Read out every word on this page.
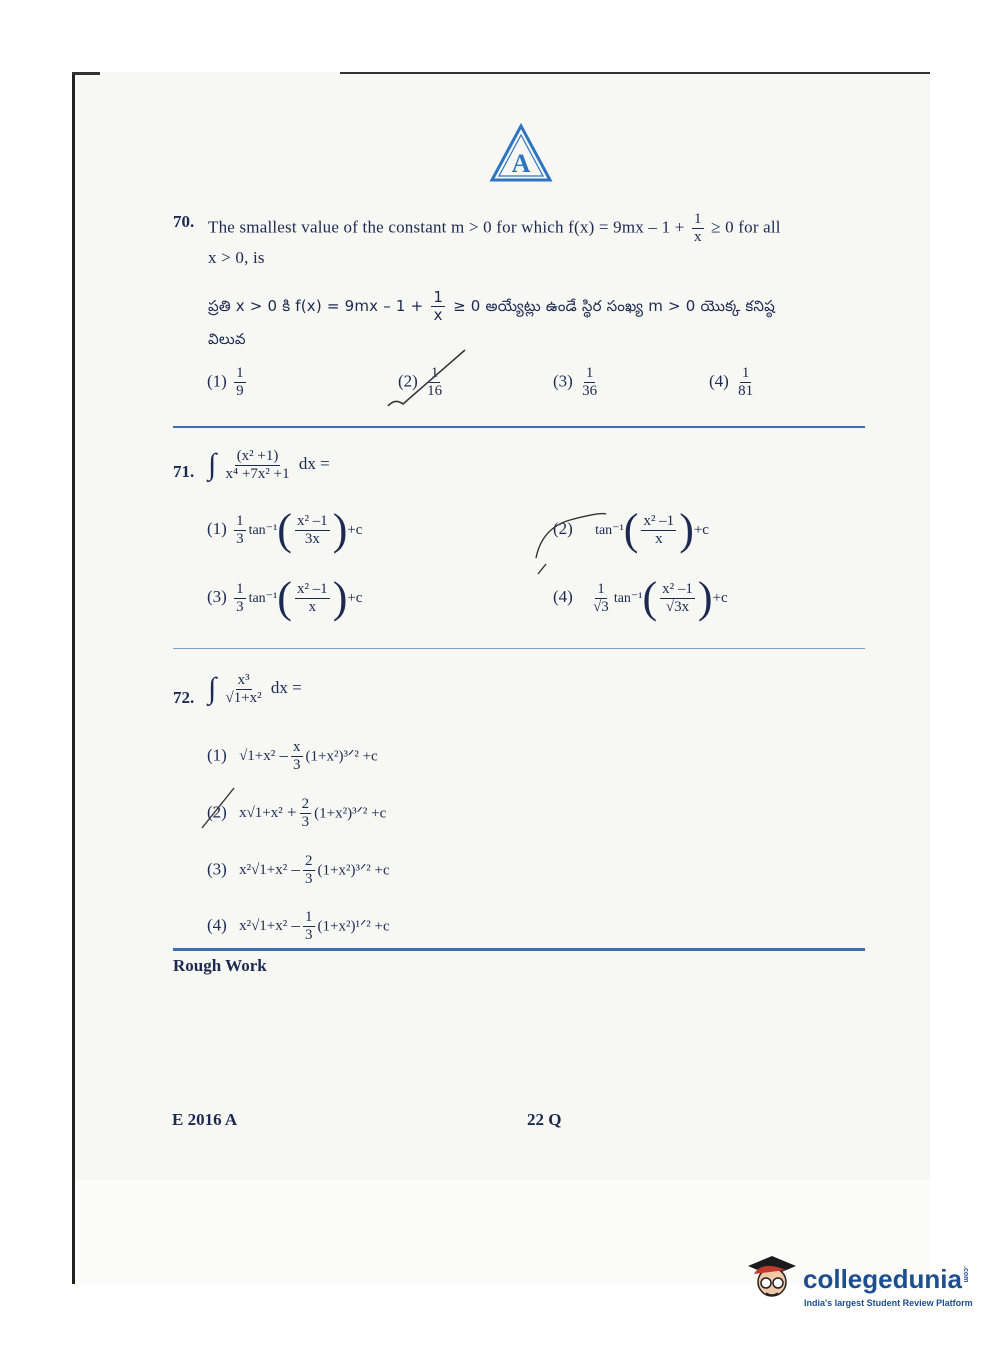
A
70. The smallest value of the constant m > 0 for which $f(x) = 9mx - 1 + \frac{1}{x} \ge 0$ for all
x > 0, is
ప్రతి x > 0 కి $f(x) = 9mx - 1 + \frac{1}{x} \ge 0$ అయ్యేట్లు ఉండే స్థిర సంఖ్య m > 0 యొక్క కనిష్ఠ
విలువ
$(1) \frac{1}{9}$	$(2) \frac{1}{16}$	$(3) \frac{1}{36}$	$(4) \frac{1}{81}$
71. ∫ $\frac{\text{(x² +1)}}{\text{x⁴ +7x² +1}}$ dx =
$(1) \frac{1}{3} \tan^{-1}( \frac{\text{x² –1}}{3x} )+c$	(2) $\tan^{-1}( \frac{\text{x² –1}}{x} )+c$
$(3) \frac{1}{3} \tan^{-1}( \frac{\text{x² –1}}{x} )+c$	$(4) \frac{1}{√3} \tan^{-1}( \frac{\text{x² –1}}{√3x} )+c$
72. ∫ $\frac{\text{x³}}{\text{√1+x²}}$ dx =
(1) $√1+x^2 - \frac{x}{3}$ (1+x²)³ᐟ² +c
(2) $x√1+x^2 + \frac{2}{3}$ (1+x²)³ᐟ² +c
(3) $x^2√1+x^2 - \frac{2}{3}$ (1+x²)³ᐟ² +c
(4) $x^2√1+x^2 - \frac{1}{3}$ (1+x²)¹ᐟ² +c
Rough Work
E 2016 A	22 Q
collegedunia .com
India's largest Student Review Platform
